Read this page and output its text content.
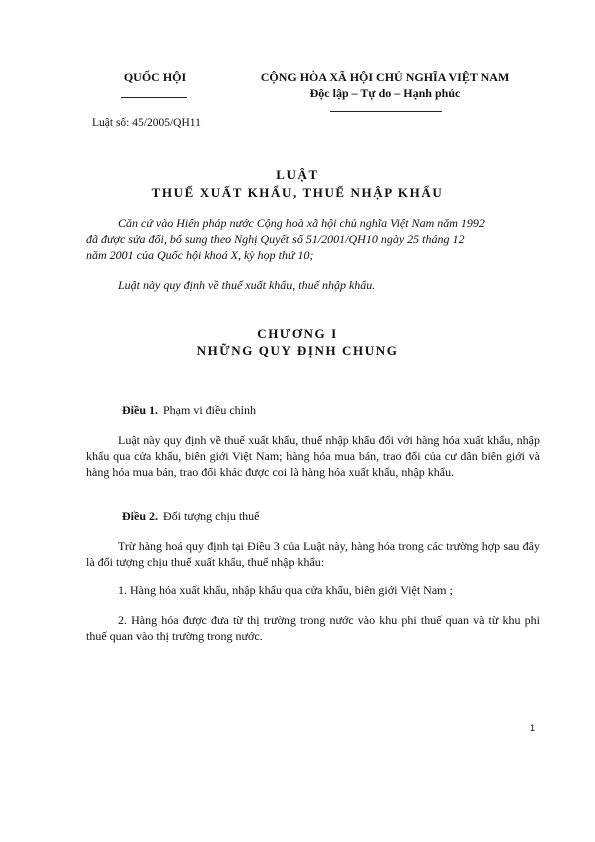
QUỐC HỘI	CỘNG HÒA XÃ HỘI CHỦ NGHĨA VIỆT NAM
Độc lập – Tự do – Hạnh phúc
Luật số: 45/2005/QH11
LUẬT
THUẾ XUẤT KHẨU, THUẾ NHẬP KHẨU
Căn cứ vào Hiến pháp nước Cộng hoà xã hội chủ nghĩa Việt Nam năm 1992
đã được sửa đổi, bổ sung theo Nghị Quyết số 51/2001/QH10 ngày 25 tháng 12
năm 2001 của Quốc hội khoá X, kỳ họp thứ 10;
Luật này quy định về thuế xuất khẩu, thuế nhập khẩu.
CHƯƠNG I
NHỮNG QUY ĐỊNH CHUNG
Điều 1. Phạm vi điều chỉnh
Luật này quy định về thuế xuất khẩu, thuế nhập khẩu đối với hàng hóa xuất khẩu, nhập khẩu qua cửa khẩu, biên giới Việt Nam; hàng hóa mua bán, trao đổi của cư dân biên giới và hàng hóa mua bán, trao đổi khác được coi là hàng hóa xuất khẩu, nhập khẩu.
Điều 2. Đối tượng chịu thuế
Trừ hàng hoá quy định tại Điều 3 của Luật này, hàng hóa trong các trường hợp sau đây là đối tượng chịu thuế xuất khẩu, thuế nhập khẩu:
1. Hàng hóa xuất khẩu, nhập khẩu qua cửa khẩu, biên giới Việt Nam ;
2. Hàng hóa được đưa từ thị trường trong nước vào khu phi thuế quan và từ khu phi thuế quan vào thị trường trong nước.
1
